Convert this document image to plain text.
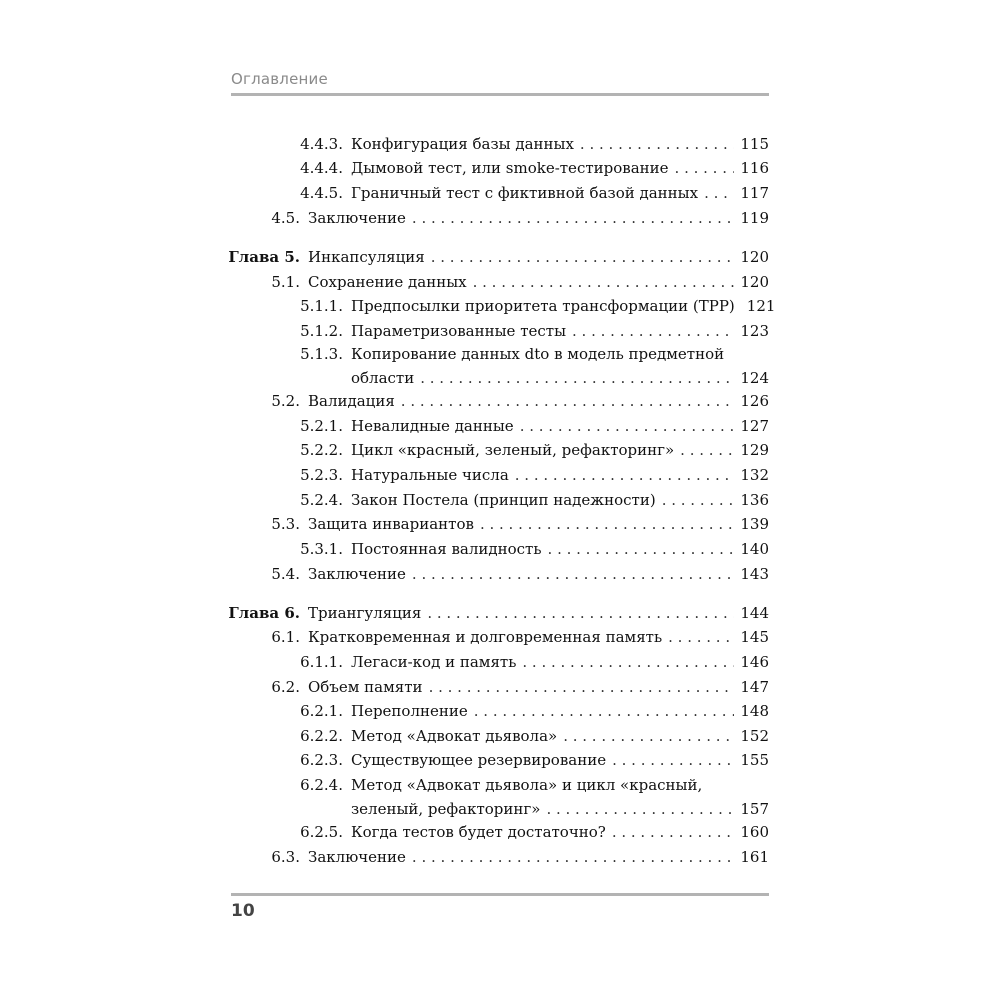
Оглавление
4.4.3. Конфигурация базы данных . . .	115
4.4.4. Дымовой тест, или smoke-тестирование . . .	116
4.4.5. Граничный тест с фиктивной базой данных . . .	117
4.5. Заключение . . .	119
Глава 5. Инкапсуляция . . .	120
5.1. Сохранение данных . . .	120
5.1.1. Предпосылки приоритета трансформации (TPP) 121
5.1.2. Параметризованные тесты . . .	123
5.1.3. Копирование данных dto в модель предметной
области . . .	124
5.2. Валидация . . .	126
5.2.1. Невалидные данные . . .	127
5.2.2. Цикл «красный, зеленый, рефакторинг» . . .	129
5.2.3. Натуральные числа . . .	132
5.2.4. Закон Постела (принцип надежности) . . .	136
5.3. Защита инвариантов . . .	139
5.3.1. Постоянная валидность . . .	140
5.4. Заключение . . .	143
Глава 6. Триангуляция . . .	144
6.1. Кратковременная и долговременная память . . .	145
6.1.1. Легаси-код и память . . .	146
6.2. Объем памяти . . .	147
6.2.1. Переполнение . . .	148
6.2.2. Метод «Адвокат дьявола» . . .	152
6.2.3. Существующее резервирование . . .	155
6.2.4. Метод «Адвокат дьявола» и цикл «красный,
зеленый, рефакторинг» . . .	157
6.2.5. Когда тестов будет достаточно? . . .	160
6.3. Заключение . . .	161
10
